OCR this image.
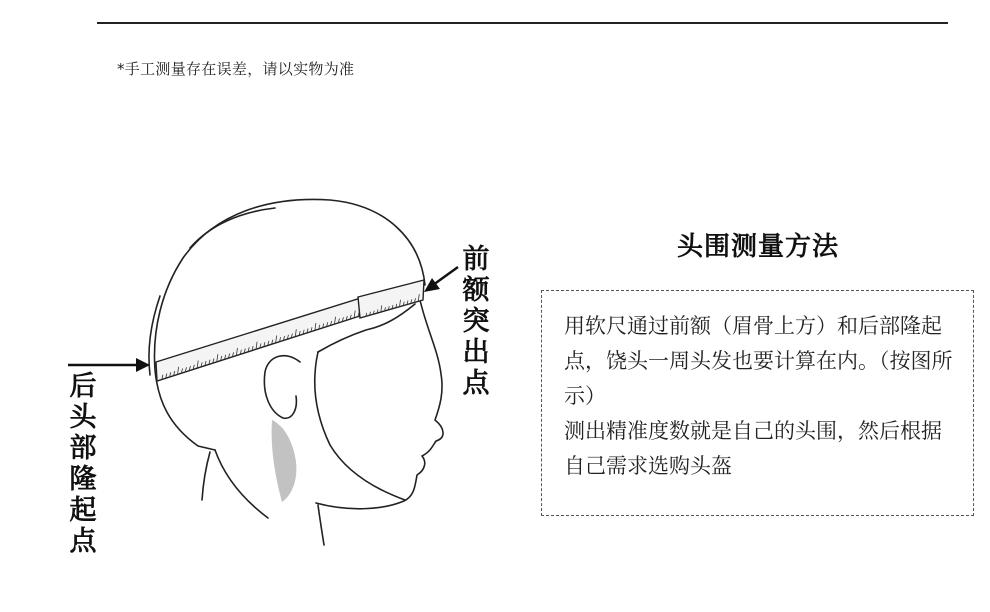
*手工测量存在误差，请以实物为准
前额突出点
后头部隆起点
头围测量方法

用软尺通过前额（眉骨上方）和后部隆起点，饶头一周头发也要计算在内。（按图所示）

测出精准度数就是自己的头围，然后根据自己需求选购头盔
